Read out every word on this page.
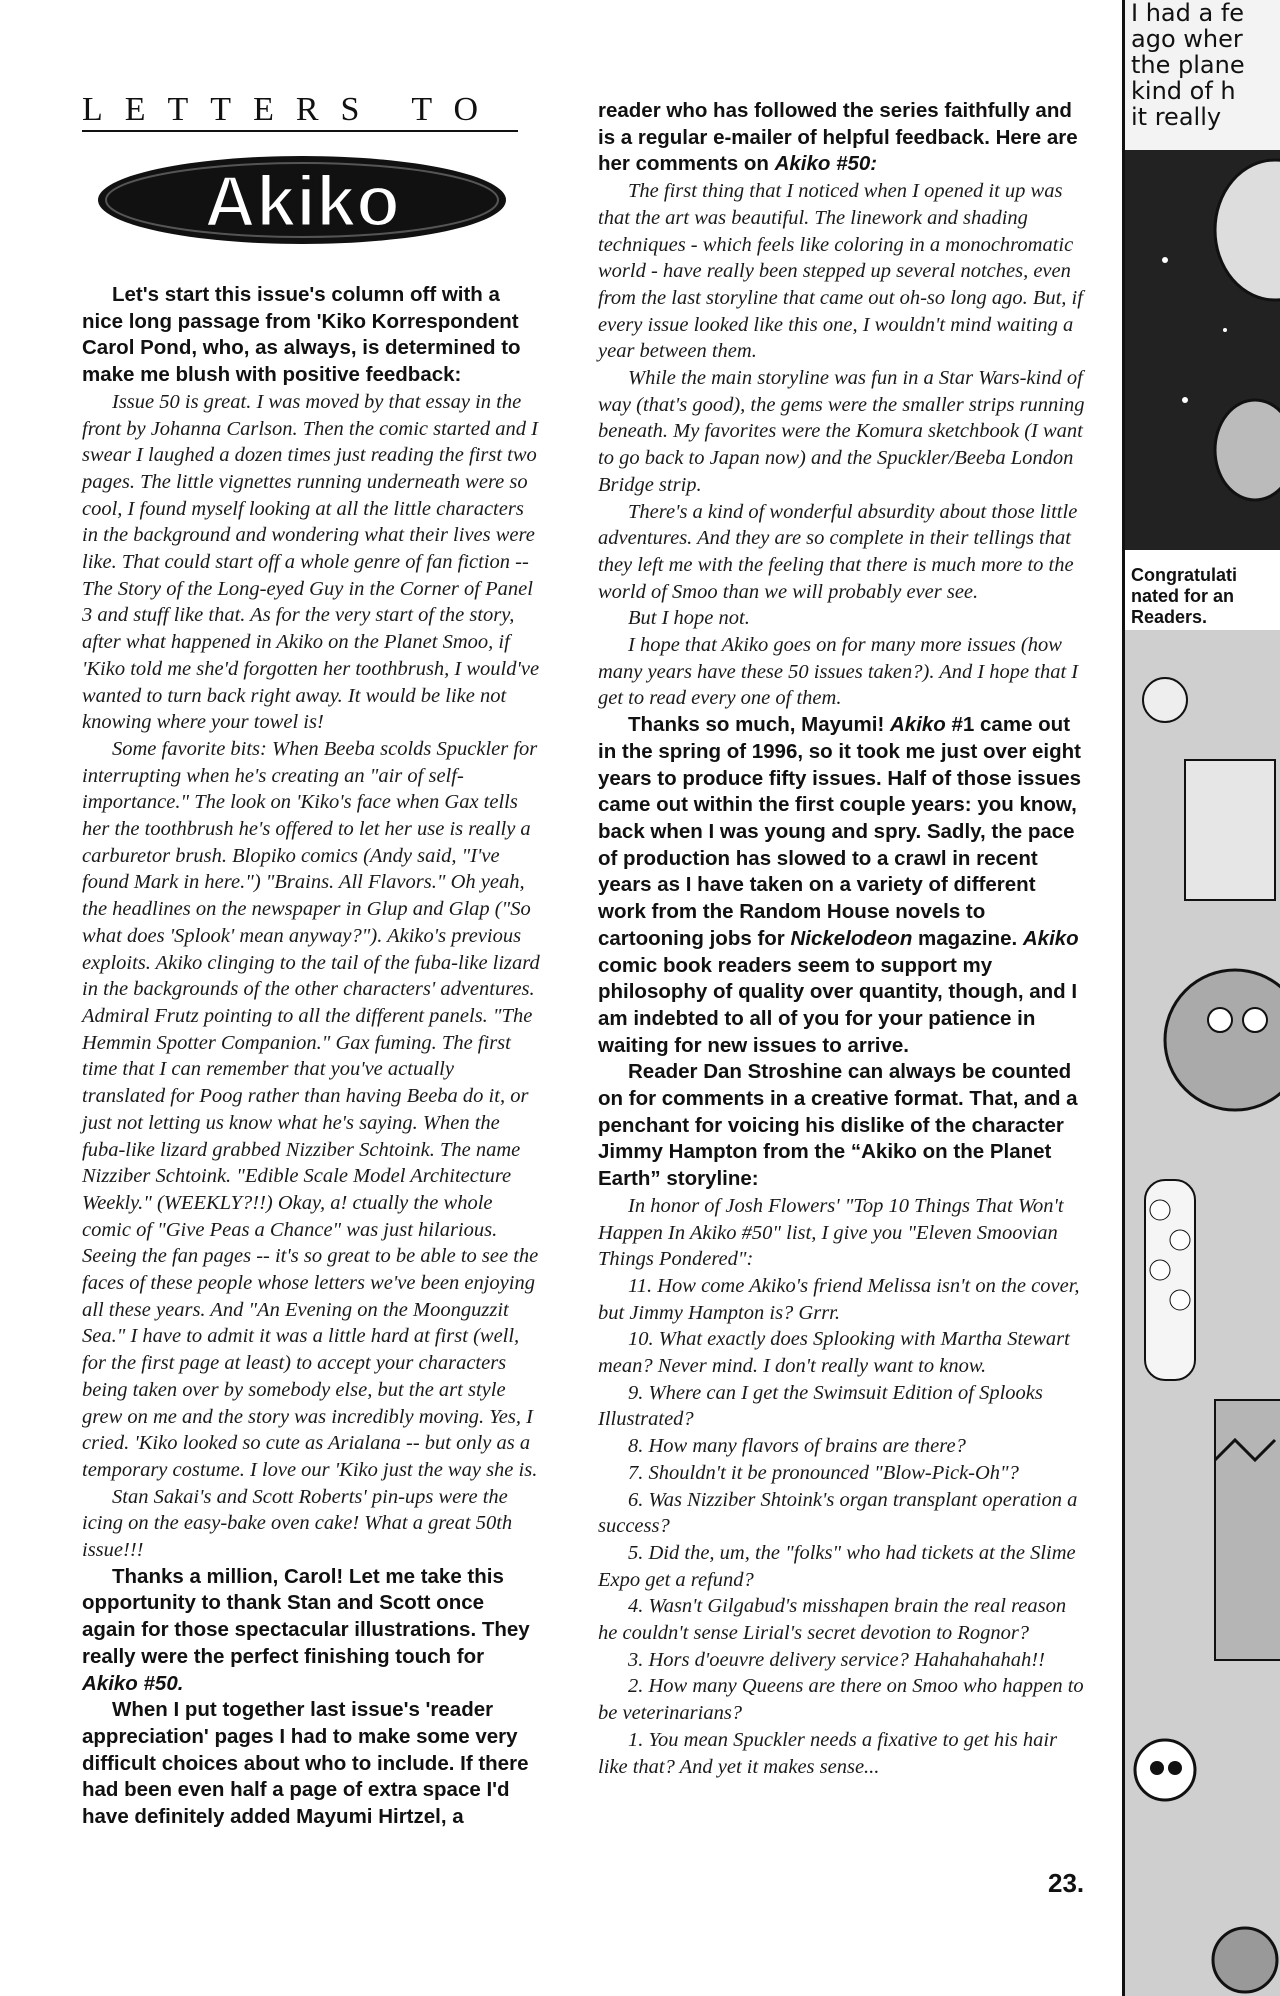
LETTERS TO
Akiko

Let's start this issue's column off with a nice long passage from 'Kiko Korrespondent Carol Pond, who, as always, is determined to make me blush with positive feedback:

Issue 50 is great. I was moved by that essay in the front by Johanna Carlson. Then the comic started and I swear I laughed a dozen times just reading the first two pages. The little vignettes running underneath were so cool, I found myself looking at all the little characters in the background and wondering what their lives were like. That could start off a whole genre of fan fiction -- The Story of the Long-eyed Guy in the Corner of Panel 3 and stuff like that. As for the very start of the story, after what happened in Akiko on the Planet Smoo, if 'Kiko told me she'd forgotten her toothbrush, I would've wanted to turn back right away. It would be like not knowing where your towel is!

Some favorite bits: When Beeba scolds Spuckler for interrupting when he's creating an "air of self-importance." The look on 'Kiko's face when Gax tells her the toothbrush he's offered to let her use is really a carburetor brush. Blopiko comics (Andy said, "I've found Mark in here.") "Brains. All Flavors." Oh yeah, the headlines on the newspaper in Glup and Glap ("So what does 'Splook' mean anyway?"). Akiko's previous exploits. Akiko clinging to the tail of the fuba-like lizard in the backgrounds of the other characters' adventures. Admiral Frutz pointing to all the different panels. "The Hemmin Spotter Companion." Gax fuming. The first time that I can remember that you've actually translated for Poog rather than having Beeba do it, or just not letting us know what he's saying. When the fuba-like lizard grabbed Nizziber Schtoink. The name Nizziber Schtoink. "Edible Scale Model Architecture Weekly." (WEEKLY?!!) Okay, a! ctually the whole comic of "Give Peas a Chance" was just hilarious. Seeing the fan pages -- it's so great to be able to see the faces of these people whose letters we've been enjoying all these years. And "An Evening on the Moonguzzit Sea." I have to admit it was a little hard at first (well, for the first page at least) to accept your characters being taken over by somebody else, but the art style grew on me and the story was incredibly moving. Yes, I cried. 'Kiko looked so cute as Arialana -- but only as a temporary costume. I love our 'Kiko just the way she is.

Stan Sakai's and Scott Roberts' pin-ups were the icing on the easy-bake oven cake! What a great 50th issue!!!

Thanks a million, Carol! Let me take this opportunity to thank Stan and Scott once again for those spectacular illustrations. They really were the perfect finishing touch for Akiko #50.

When I put together last issue's 'reader appreciation' pages I had to make some very difficult choices about who to include. If there had been even half a page of extra space I'd have definitely added Mayumi Hirtzel, a

reader who has followed the series faithfully and is a regular e-mailer of helpful feedback. Here are her comments on Akiko #50:

The first thing that I noticed when I opened it up was that the art was beautiful. The linework and shading techniques - which feels like coloring in a monochromatic world - have really been stepped up several notches, even from the last storyline that came out oh-so long ago. But, if every issue looked like this one, I wouldn't mind waiting a year between them.

While the main storyline was fun in a Star Wars-kind of way (that's good), the gems were the smaller strips running beneath. My favorites were the Komura sketchbook (I want to go back to Japan now) and the Spuckler/Beeba London Bridge strip.

There's a kind of wonderful absurdity about those little adventures. And they are so complete in their tellings that they left me with the feeling that there is much more to the world of Smoo than we will probably ever see.

But I hope not.

I hope that Akiko goes on for many more issues (how many years have these 50 issues taken?). And I hope that I get to read every one of them.

Thanks so much, Mayumi! Akiko #1 came out in the spring of 1996, so it took me just over eight years to produce fifty issues. Half of those issues came out within the first couple years: you know, back when I was young and spry. Sadly, the pace of production has slowed to a crawl in recent years as I have taken on a variety of different work from the Random House novels to cartooning jobs for Nickelodeon magazine. Akiko comic book readers seem to support my philosophy of quality over quantity, though, and I am indebted to all of you for your patience in waiting for new issues to arrive.

Reader Dan Stroshine can always be counted on for comments in a creative format. That, and a penchant for voicing his dislike of the character Jimmy Hampton from the “Akiko on the Planet Earth” storyline:

In honor of Josh Flowers' "Top 10 Things That Won't Happen In Akiko #50" list, I give you "Eleven Smoovian Things Pondered":

11. How come Akiko's friend Melissa isn't on the cover, but Jimmy Hampton is? Grrr.

10. What exactly does Splooking with Martha Stewart mean? Never mind. I don't really want to know.

9. Where can I get the Swimsuit Edition of Splooks Illustrated?

8. How many flavors of brains are there?

7. Shouldn't it be pronounced "Blow-Pick-Oh"?

6. Was Nizziber Shtoink's organ transplant operation a success?

5. Did the, um, the "folks" who had tickets at the Slime Expo get a refund?

4. Wasn't Gilgabud's misshapen brain the real reason he couldn't sense Lirial's secret devotion to Rognor?

3. Hors d'oeuvre delivery service? Hahahahahah!!

2. How many Queens are there on Smoo who happen to be veterinarians?

1. You mean Spuckler needs a fixative to get his hair like that? And yet it makes sense...

23.
I had a fe
ago wher
the plane
kind of h
it really
Congratulati
nated for an
Readers.
